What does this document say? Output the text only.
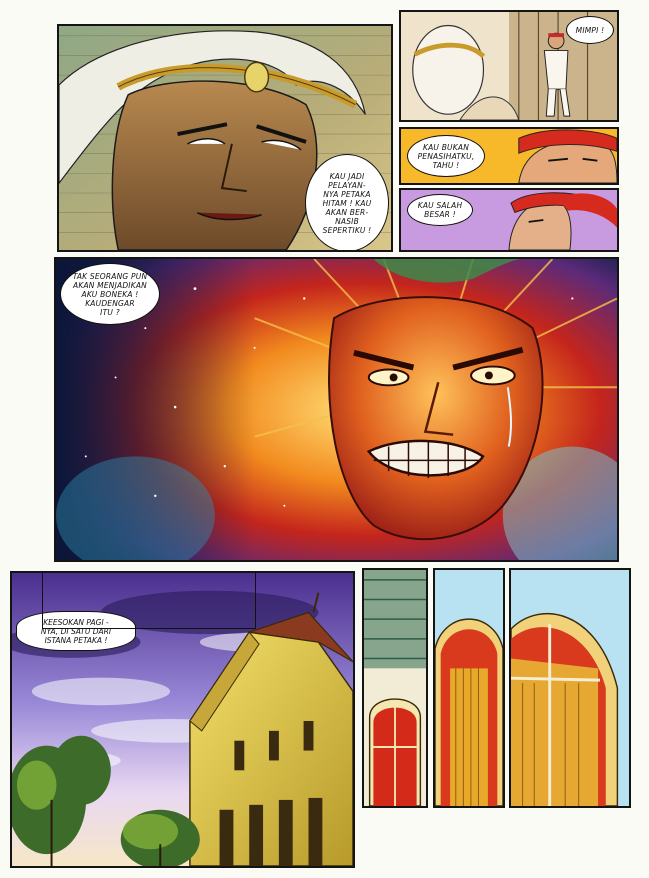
KAU JADI
PELAYAN-
NYA PETAKA
HITAM ! KAU
AKAN BER-
NASIB
SEPERTIKU !
MIMPI !
KAU BUKAN
PENASIHATKU,
TAHU !
KAU SALAH
BESAR !
TAK SEORANG PUN
AKAN MENJADIKAN
AKU BONEKA !
KAUDENGAR
ITU ?
KEESOKAN PAGI -
NYA, DI SATU DARI
ISTANA PETAKA !
